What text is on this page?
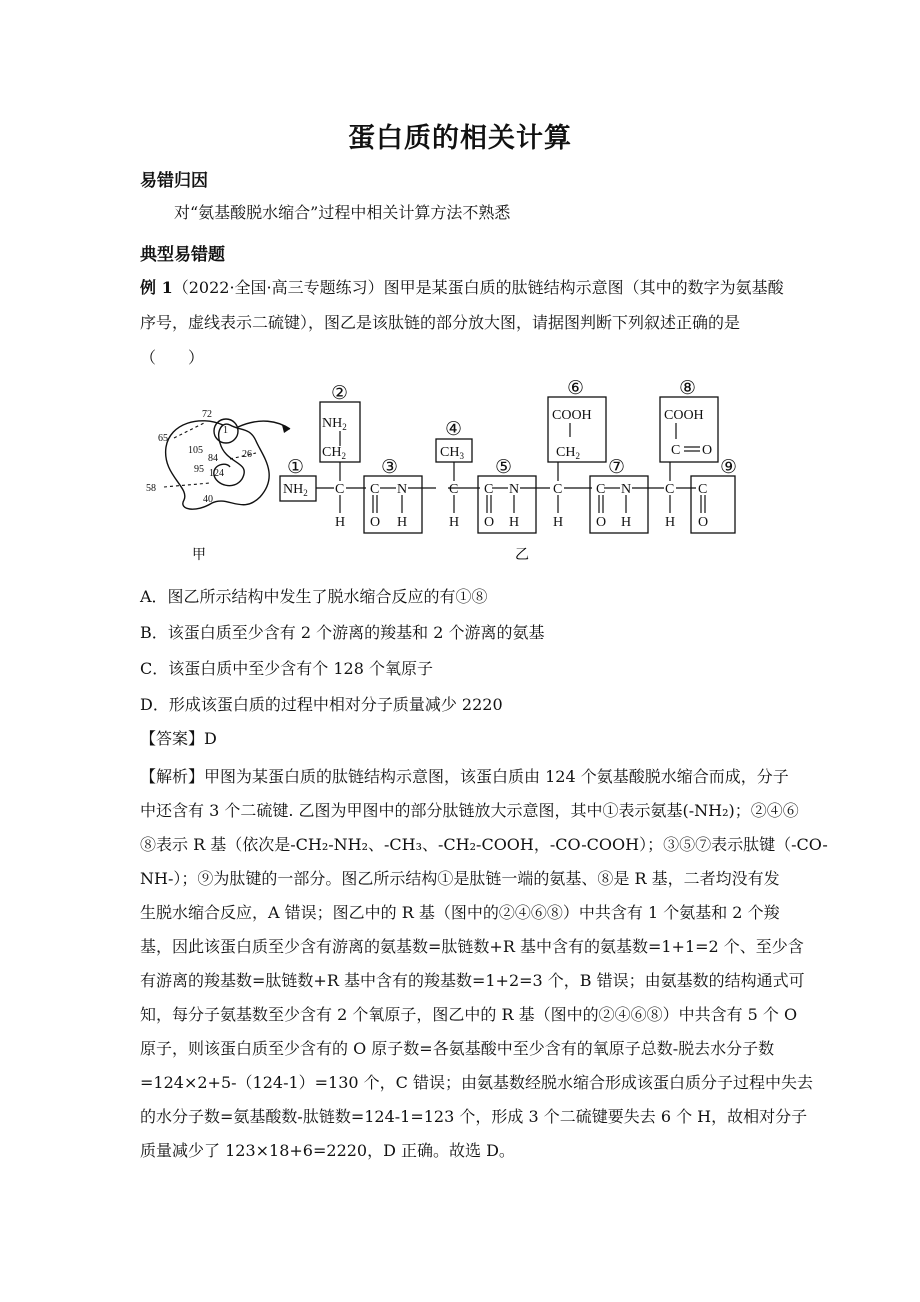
蛋白质的相关计算
易错归因
对“氨基酸脱水缩合”过程中相关计算方法不熟悉
典型易错题
例 1（2022·全国·高三专题练习）图甲是某蛋白质的肽链结构示意图（其中的数字为氨基酸
序号，虚线表示二硫键），图乙是该肽链的部分放大图，请据图判断下列叙述正确的是
（　　）
72
65
1
105
84 26
95 124
58
40
甲	乙
$NH_2$
$NH_2$
$CH_2$
C
H
C N
O H
$CH_3$
C
H
C N
O H
COOH
$CH_2$
C
H
C N
O H
COOH
C O
C
H
C
O
①
②
③
④
⑤
⑥
⑦
⑧
⑨
A．图乙所示结构中发生了脱水缩合反应的有①⑧
B．该蛋白质至少含有 2 个游离的羧基和 2 个游离的氨基
C．该蛋白质中至少含有个 128 个氧原子
D．形成该蛋白质的过程中相对分子质量减少 2220
【答案】D
【解析】甲图为某蛋白质的肽链结构示意图，该蛋白质由 124 个氨基酸脱水缩合而成，分子
中还含有 3 个二硫键. 乙图为甲图中的部分肽链放大示意图，其中①表示氨基(-NH₂)；②④⑥
⑧表示 R 基（依次是-CH₂-NH₂、-CH₃、-CH₂-COOH，-CO-COOH）；③⑤⑦表示肽键（-CO-
NH-）；⑨为肽键的一部分。图乙所示结构①是肽链一端的氨基、⑧是 R 基，二者均没有发
生脱水缩合反应，A 错误；图乙中的 R 基（图中的②④⑥⑧）中共含有 1 个氨基和 2 个羧
基，因此该蛋白质至少含有游离的氨基数=肽链数+R 基中含有的氨基数=1+1=2 个、至少含
有游离的羧基数=肽链数+R 基中含有的羧基数=1+2=3 个，B 错误；由氨基数的结构通式可
知，每分子氨基数至少含有 2 个氧原子，图乙中的 R 基（图中的②④⑥⑧）中共含有 5 个 O
原子，则该蛋白质至少含有的 O 原子数=各氨基酸中至少含有的氧原子总数-脱去水分子数
=124×2+5-（124-1）=130 个，C 错误；由氨基数经脱水缩合形成该蛋白质分子过程中失去
的水分子数=氨基酸数-肽链数=124-1=123 个，形成 3 个二硫键要失去 6 个 H，故相对分子
质量减少了 123×18+6=2220，D 正确。故选 D。
